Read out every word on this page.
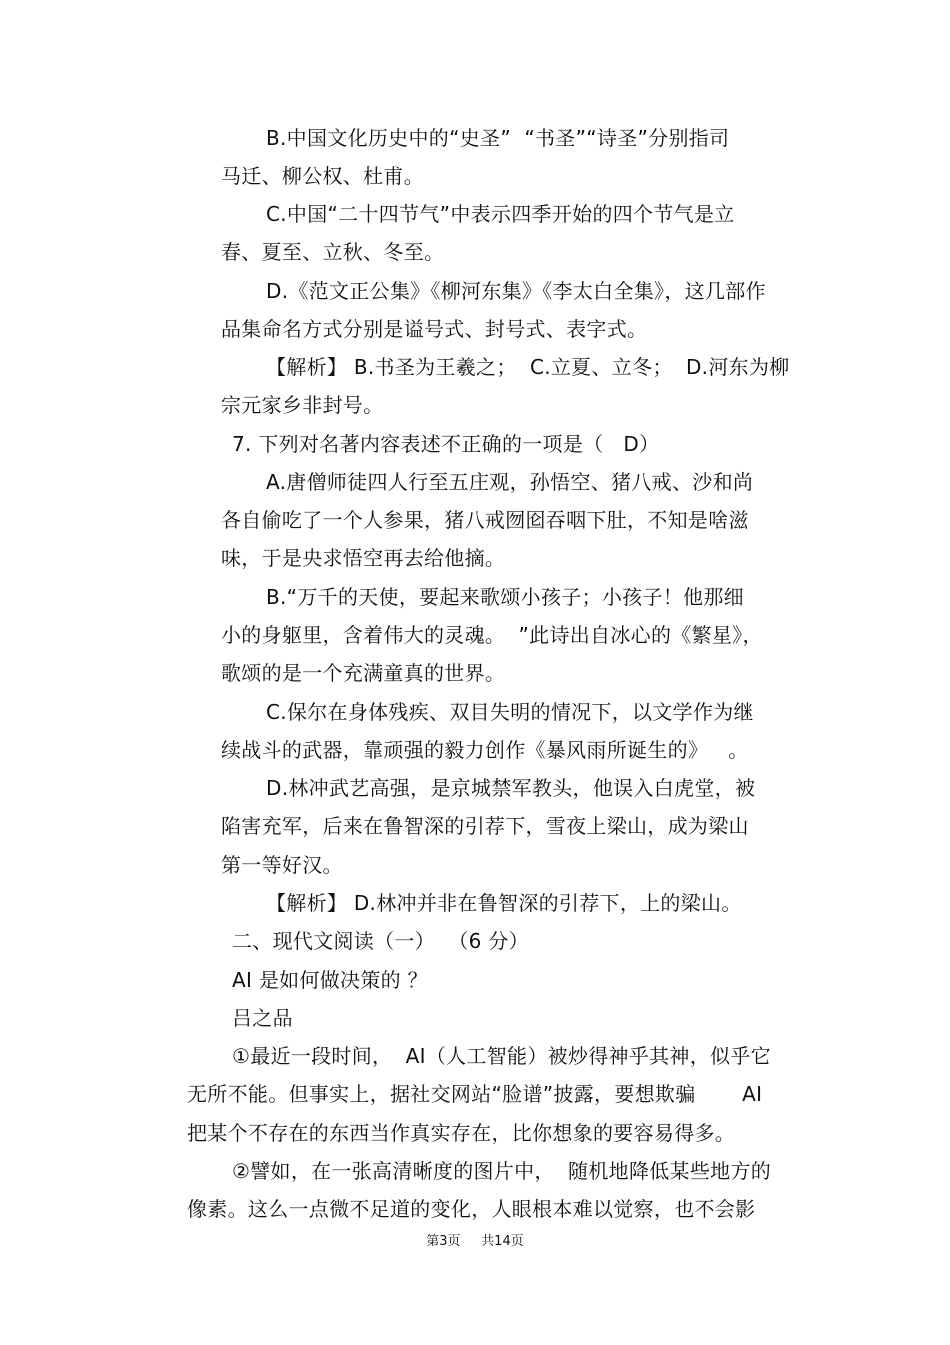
B.中国文化历史中的“史圣”  “书圣”“诗圣”分别指司
马迁、柳公权、杜甫。
C.中国“二十四节气”中表示四季开始的四个节气是立
春、夏至、立秋、冬至。
D.《范文正公集》《柳河东集》《李太白全集》，这几部作
品集命名方式分别是谥号式、封号式、表字式。
【解析】 B.书圣为王羲之；  C.立夏、立冬；  D.河东为柳
宗元家乡非封号。
7. 下列对名著内容表述不正确的一项是（   D）
A.唐僧师徒四人行至五庄观，孙悟空、猪八戒、沙和尚
各自偷吃了一个人参果，猪八戒囫囵吞咽下肚，不知是啥滋
味，于是央求悟空再去给他摘。
B.“万千的天使，要起来歌颂小孩子；小孩子！他那细
小的身躯里，含着伟大的灵魂。  ”此诗出自冰心的《繁星》，
歌颂的是一个充满童真的世界。
C.保尔在身体残疾、双目失明的情况下，以文学作为继
续战斗的武器，靠顽强的毅力创作《暴风雨所诞生的》   。
D.林冲武艺高强，是京城禁军教头，他误入白虎堂，被
陷害充军，后来在鲁智深的引荐下，雪夜上梁山，成为梁山
第一等好汉。
【解析】 D.林冲并非在鲁智深的引荐下，上的梁山。
二、现代文阅读（一）  （6 分）
AI 是如何做决策的 ？
吕之品
①最近一段时间，  AI（人工智能）被炒得神乎其神，似乎它
无所不能。但事实上，据社交网站“脸谱”披露，要想欺骗       AI
把某个不存在的东西当作真实存在，比你想象的要容易得多。
②譬如，在一张高清晰度的图片中，  随机地降低某些地方的
像素。这么一点微不足道的变化，人眼根本难以觉察，也不会影
第3页     共14页
